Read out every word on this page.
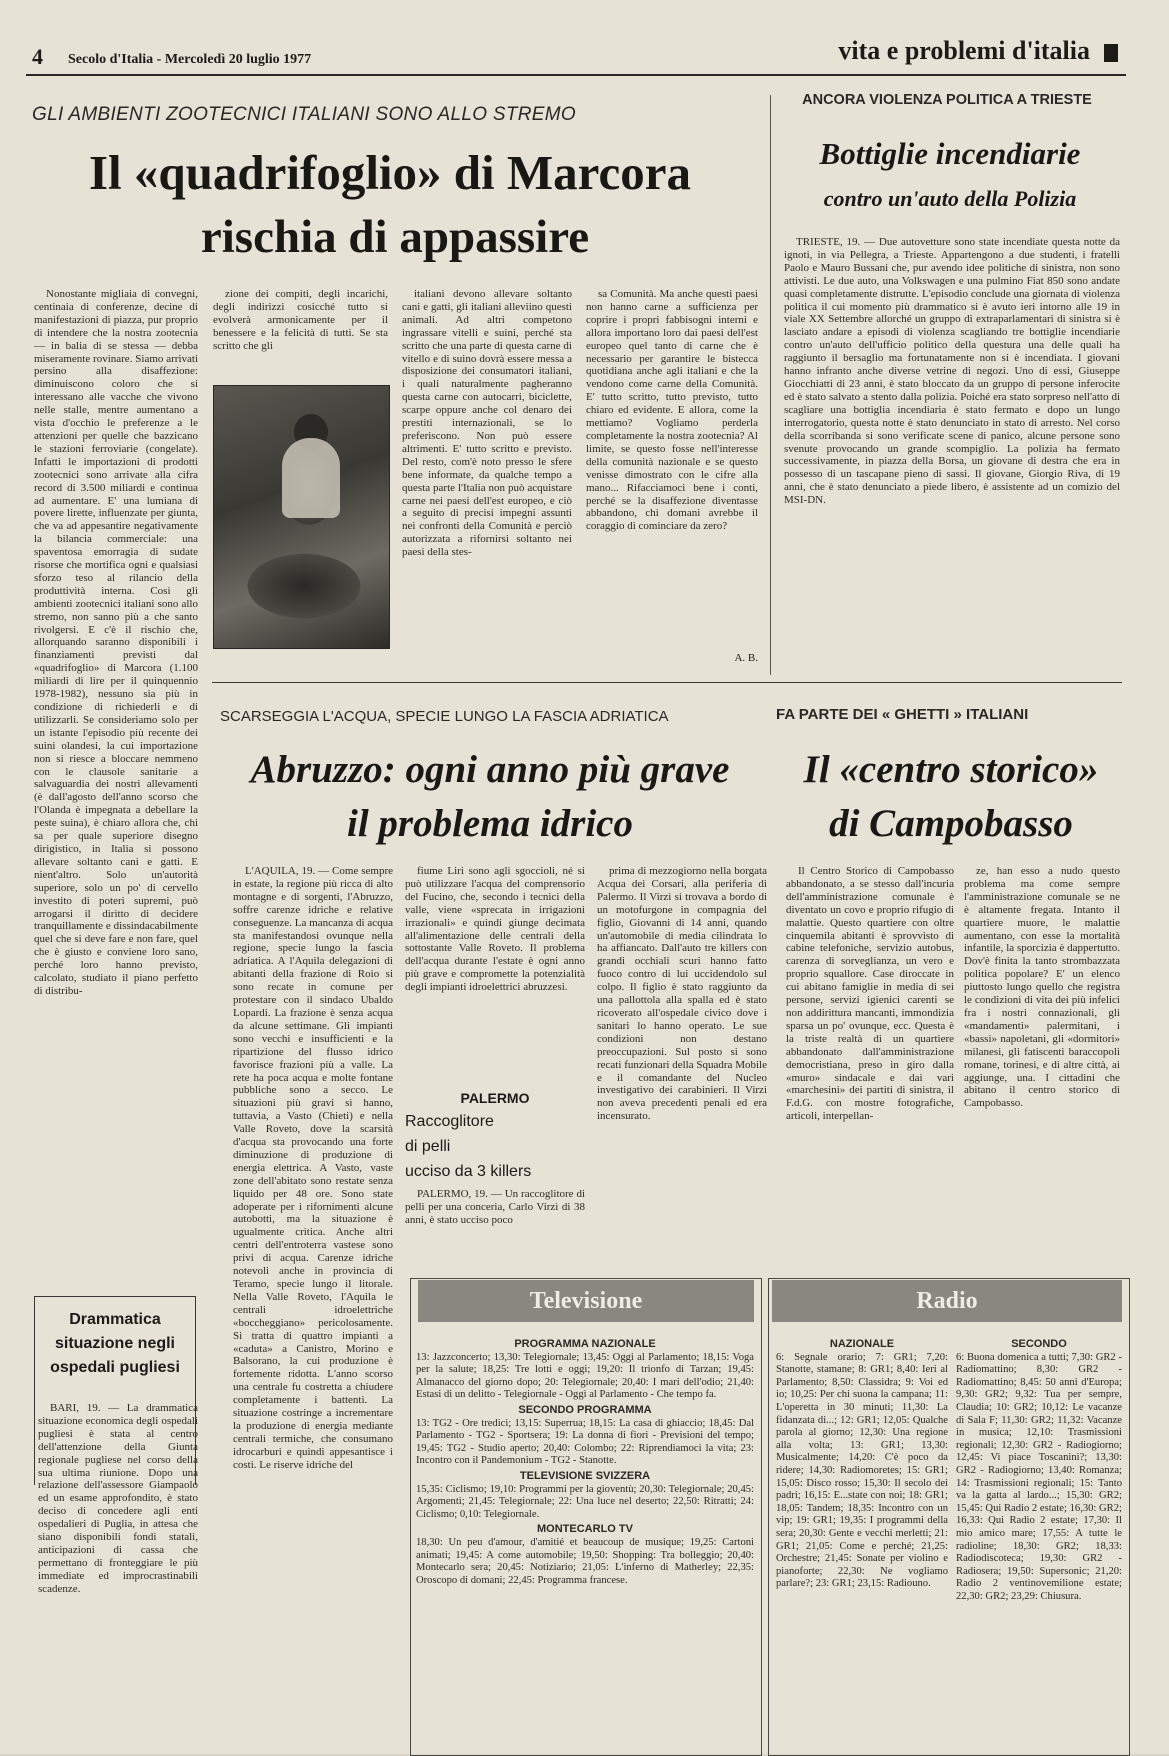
4 Secolo d'Italia - Mercoledì 20 luglio 1977	vita e problemi d'italia
GLI AMBIENTI ZOOTECNICI ITALIANI SONO ALLO STREMO
Il «quadrifoglio» di Marcora
rischia di appassire

Nonostante migliaia di convegni, centinaia di conferenze, decine di manifestazioni di piazza, pur proprio di intendere che la nostra zootecnia — in balia di se stessa — debba miseramente rovinare. Siamo arrivati persino alla disaffezione: diminuiscono coloro che si interessano alle vacche che vivono nelle stalle, mentre aumentano a vista d'occhio le preferenze a le attenzioni per quelle che bazzicano le stazioni ferroviarie (congelate). Infatti le importazioni di prodotti zootecnici sono arrivate alla cifra record di 3.500 miliardi e continua ad aumentare. E' una lumiana di povere lirette, influenzate per giunta, che va ad appesantire negativamente la bilancia commerciale: una spaventosa emorragia di sudate risorse che mortifica ogni e qualsiasi sforzo teso al rilancio della produttività interna. Così gli ambienti zootecnici italiani sono allo stremo, non sanno più a che santo rivolgersi. E c'è il rischio che, allorquando saranno disponibili i finanziamenti previsti dal «quadrifoglio» di Marcora (1.100 miliardi di lire per il quinquennio 1978-1982), nessuno sia più in condizione di richiederli e di utilizzarli. Se consideriamo solo per un istante l'episodio più recente dei suini olandesi, la cui importazione non si riesce a bloccare nemmeno con le clausole sanitarie a salvaguardia dei nostri allevamenti (è dall'agosto dell'anno scorso che l'Olanda è impegnata a debellare la peste suina), è chiaro allora che, chi sa per quale superiore disegno dirigistico, in Italia si possono allevare soltanto cani e gatti. E nient'altro. Solo un'autorità superiore, solo un po' di cervello investito di poteri supremi, può arrogarsi il diritto di decidere tranquillamente e dissindacabilmente quel che si deve fare e non fare, quel che è giusto e conviene loro sano, perché loro hanno previsto, calcolato, studiato il piano perfetto di distribu-

zione dei compiti, degli incarichi, degli indirizzi cosicché tutto si evolverà armonicamente per il benessere e la felicità di tutti. Se sta scritto che gli

italiani devono allevare soltanto cani e gatti, gli italiani alleviino questi animali. Ad altri competono ingrassare vitelli e suini, perché sta scritto che una parte di questa carne di vitello e di suino dovrà essere messa a disposizione dei consumatori italiani, i quali naturalmente pagheranno questa carne con autocarri, biciclette, scarpe oppure anche col denaro dei prestiti internazionali, se lo preferiscono. Non può essere altrimenti. E' tutto scritto e previsto. Del resto, com'è noto presso le sfere bene informate, da qualche tempo a questa parte l'Italia non può acquistare carne nei paesi dell'est europeo, e ciò a seguito di precisi impegni assunti nei confronti della Comunità e perciò autorizzata a rifornirsi soltanto nei paesi della stes-

sa Comunità. Ma anche questi paesi non hanno carne a sufficienza per coprire i propri fabbisogni interni e allora importano loro dai paesi dell'est europeo quel tanto di carne che è necessario per garantire le bistecca quotidiana anche agli italiani e che la vendono come carne della Comunità. E' tutto scritto, tutto previsto, tutto chiaro ed evidente. E allora, come la mettiamo? Vogliamo perderla completamente la nostra zootecnia? Al limite, se questo fosse nell'interesse della comunità nazionale e se questo venisse dimostrato con le cifre alla mano... Rifacciamoci bene i conti, perché se la disaffezione diventasse abbandono, chi domani avrebbe il coraggio di cominciare da zero?

A. B.
ANCORA VIOLENZA POLITICA A TRIESTE
Bottiglie incendiarie
contro un'auto della Polizia

TRIESTE, 19. — Due autovetture sono state incendiate questa notte da ignoti, in via Pellegra, a Trieste. Appartengono a due studenti, i fratelli Paolo e Mauro Bussani che, pur avendo idee politiche di sinistra, non sono attivisti. Le due auto, una Volkswagen e una pulmino Fiat 850 sono andate quasi completamente distrutte. L'episodio conclude una giornata di violenza politica il cui momento più drammatico si è avuto ieri intorno alle 19 in viale XX Settembre allorché un gruppo di extraparlamentari di sinistra si è lasciato andare a episodi di violenza scagliando tre bottiglie incendiarie contro un'auto dell'ufficio politico della questura una delle quali ha raggiunto il bersaglio ma fortunatamente non si è incendiata. I giovani hanno infranto anche diverse vetrine di negozi. Uno di essi, Giuseppe Giocchiatti di 23 anni, è stato bloccato da un gruppo di persone inferocite ed è stato salvato a stento dalla polizia. Poiché era stato sorpreso nell'atto di scagliare una bottiglia incendiaria è stato fermato e dopo un lungo interrogatorio, questa notte è stato denunciato in stato di arresto. Nel corso della scorribanda si sono verificate scene di panico, alcune persone sono svenute provocando un grande scompiglio. La polizia ha fermato successivamente, in piazza della Borsa, un giovane di destra che era in possesso di un tascapane pieno di sassi. Il giovane, Giorgio Riva, di 19 anni, che è stato denunciato a piede libero, è assistente ad un comizio del MSI-DN.

SCARSEGGIA L'ACQUA, SPECIE LUNGO LA FASCIA ADRIATICA
Abruzzo: ogni anno più grave
il problema idrico

L'AQUILA, 19. — Come sempre in estate, la regione più ricca di alto montagne e di sorgenti, l'Abruzzo, soffre carenze idriche e relative conseguenze. La mancanza di acqua sta manifestandosi ovunque nella regione, specie lungo la fascia adriatica. A l'Aquila delegazioni di abitanti della frazione di Roio si sono recate in comune per protestare con il sindaco Ubaldo Lopardi. La frazione è senza acqua da alcune settimane. Gli impianti sono vecchi e insufficienti e la ripartizione del flusso idrico favorisce frazioni più a valle. La rete ha poca acqua e molte fontane pubbliche sono a secco. Le situazioni più gravi si hanno, tuttavia, a Vasto (Chieti) e nella Valle Roveto, dove la scarsità d'acqua sta provocando una forte diminuzione di produzione di energia elettrica. A Vasto, vaste zone dell'abitato sono restate senza liquido per 48 ore. Sono state adoperate per i rifornimenti alcune autobotti, ma la situazione è ugualmente critica. Anche altri centri dell'entroterra vastese sono privi di acqua. Carenze idriche notevoli anche in provincia di Teramo, specie lungo il litorale. Nella Valle Roveto, l'Aquila le centrali idroelettriche «boccheggiano» pericolosamente. Si tratta di quattro impianti a «caduta» a Canistro, Morino e Balsorano, la cui produzione è fortemente ridotta. L'anno scorso una centrale fu costretta a chiudere completamente i battenti. La situazione costringe a incrementare la produzione di energia mediante centrali termiche, che consumano idrocarburi e quindi appesantisce i costi. Le riserve idriche del

fiume Liri sono agli sgoccioli, né si può utilizzare l'acqua del comprensorio del Fucino, che, secondo i tecnici della valle, viene «sprecata in irrigazioni irrazionali» e quindi giunge decimata all'alimentazione delle centrali della sottostante Valle Roveto. Il problema dell'acqua durante l'estate è ogni anno più grave e compromette la potenzialità degli impianti idroelettrici abruzzesi.

PALERMO
Raccoglitore
di pelli
ucciso da 3 killers

PALERMO, 19. — Un raccoglitore di pelli per una conceria, Carlo Virzì di 38 anni, è stato ucciso poco

prima di mezzogiorno nella borgata Acqua dei Corsari, alla periferia di Palermo. Il Virzì si trovava a bordo di un motofurgone in compagnia del figlio, Giovanni di 14 anni, quando un'automobile di media cilindrata lo ha affiancato. Dall'auto tre killers con grandi occhiali scuri hanno fatto fuoco contro di lui uccidendolo sul colpo. Il figlio è stato raggiunto da una pallottola alla spalla ed è stato ricoverato all'ospedale civico dove i sanitari lo hanno operato. Le sue condizioni non destano preoccupazioni. Sul posto si sono recati funzionari della Squadra Mobile e il comandante del Nucleo investigativo dei carabinieri. Il Virzì non aveva precedenti penali ed era incensurato.

FA PARTE DEI « GHETTI » ITALIANI
Il «centro storico»
di Campobasso

Il Centro Storico di Campobasso abbandonato, a se stesso dall'incuria dell'amministrazione comunale è diventato un covo e proprio rifugio di malattie. Questo quartiere con oltre cinquemila abitanti è sprovvisto di cabine telefoniche, servizio autobus, carenza di sorveglianza, un vero e proprio squallore. Case diroccate in cui abitano famiglie in media di sei persone, servizi igienici carenti se non addirittura mancanti, immondizia sparsa un po' ovunque, ecc. Questa è la triste realtà di un quartiere abbandonato dall'amministrazione democristiana, preso in giro dalla «muro» sindacale e dai vari «marchesini» dei partiti di sinistra, il F.d.G. con mostre fotografiche, articoli, interpellan-

ze, han esso a nudo questo problema ma come sempre l'amministrazione comunale se ne è altamente fregata. Intanto il quartiere muore, le malattie aumentano, con esse la mortalità infantile, la sporcizia è dappertutto. Dov'è finita la tanto strombazzata politica popolare? E' un elenco piuttosto lungo quello che registra le condizioni di vita dei più infelici fra i nostri connazionali, gli «mandamenti» palermitani, i «bassi» napoletani, gli «dormitori» milanesi, gli fatiscenti baraccopoli romane, torinesi, e di altre città, ai aggiunge, una. I cittadini che abitano il centro storico di Campobasso.

Drammatica situazione negli ospedali pugliesi

BARI, 19. — La drammatica situazione economica degli ospedali pugliesi è stata al centro dell'attenzione della Giunta regionale pugliese nel corso della sua ultima riunione. Dopo una relazione dell'assessore Giampaolo ed un esame approfondito, è stato deciso di concedere agli enti ospedalieri di Puglia, in attesa che siano disponibili fondi statali, anticipazioni di cassa che permettano di fronteggiare le più immediate ed improcrastinabili scadenze.

Televisione
PROGRAMMA NAZIONALE
13: Jazzconcerto; 13,30: Telegiornale; 13,45: Oggi al Parlamento; 18,15: Voga per la salute; 18,25: Tre lotti e oggi; 19,20: Il trionfo di Tarzan; 19,45: Almanacco del giorno dopo; 20: Telegiornale; 20,40: I mari dell'odio; 21,40: Estasi di un delitto - Telegiornale - Oggi al Parlamento - Che tempo fa.
SECONDO PROGRAMMA
13: TG2 - Ore tredici; 13,15: Superrua; 18,15: La casa di ghiaccio; 18,45: Dal Parlamento - TG2 - Sportsera; 19: La donna di fiori - Previsioni del tempo; 19,45: TG2 - Studio aperto; 20,40: Colombo; 22: Riprendiamoci la vita; 23: Incontro con il Pandemonium - TG2 - Stanotte.
TELEVISIONE SVIZZERA
15,35: Ciclismo; 19,10: Programmi per la gioventù; 20,30: Telegiornale; 20,45: Argomenti; 21,45: Telegiornale; 22: Una luce nel deserto; 22,50: Ritratti; 24: Ciclismo; 0,10: Telegiornale.
MONTECARLO TV
18,30: Un peu d'amour, d'amitié et beaucoup de musique; 19,25: Cartoni animati; 19,45: A come automobile; 19,50: Shopping: Tra bolleggio; 20,40: Montecarlo sera; 20,45: Notiziario; 21,05: L'inferno di Matherley; 22,35: Oroscopo di domani; 22,45: Programma francese.
Radio
NAZIONALE
6: Segnale orario; 7: GR1; 7,20: Stanotte, stamane; 8: GR1; 8,40: Ieri al Parlamento; 8,50: Classidra; 9: Voi ed io; 10,25: Per chi suona la campana; 11: L'operetta in 30 minuti; 11,30: La fidanzata di...; 12: GR1; 12,05: Qualche parola al giorno; 12,30: Una regione alla volta; 13: GR1; 13,30: Musicalmente; 14,20: C'è poco da ridere; 14,30: Radiomoretes; 15: GR1; 15,05: Disco rosso; 15,30: Il secolo dei padri; 16,15: E...state con noi; 18: GR1; 18,05: Tandem; 18,35: Incontro con un vip; 19: GR1; 19,35: I programmi della sera; 20,30: Gente e vecchi merletti; 21: GR1; 21,05: Come e perché; 21,25: Orchestre; 21,45: Sonate per violino e pianoforte; 22,30: Ne vogliamo parlare?; 23: GR1; 23,15: Radiouno.
SECONDO
6: Buona domenica a tutti; 7,30: GR2 - Radiomattino; 8,30: GR2 - Radiomattino; 8,45: 50 anni d'Europa; 9,30: GR2; 9,32: Tua per sempre, Claudia; 10: GR2; 10,12: Le vacanze di Sala F; 11,30: GR2; 11,32: Vacanze in musica; 12,10: Trasmissioni regionali; 12,30: GR2 - Radiogiorno; 12,45: Vi piace Toscanini?; 13,30: GR2 - Radiogiorno; 13,40: Romanza; 14: Trasmissioni regionali; 15: Tanto va la gatta al lardo...; 15,30: GR2; 15,45: Qui Radio 2 estate; 16,30: GR2; 16,33: Qui Radio 2 estate; 17,30: Il mio amico mare; 17,55: A tutte le radioline; 18,30: GR2; 18,33: Radiodiscoteca; 19,30: GR2 - Radiosera; 19,50: Supersonic; 21,20: Radio 2 ventinovemilione estate; 22,30: GR2; 23,29: Chiusura.
